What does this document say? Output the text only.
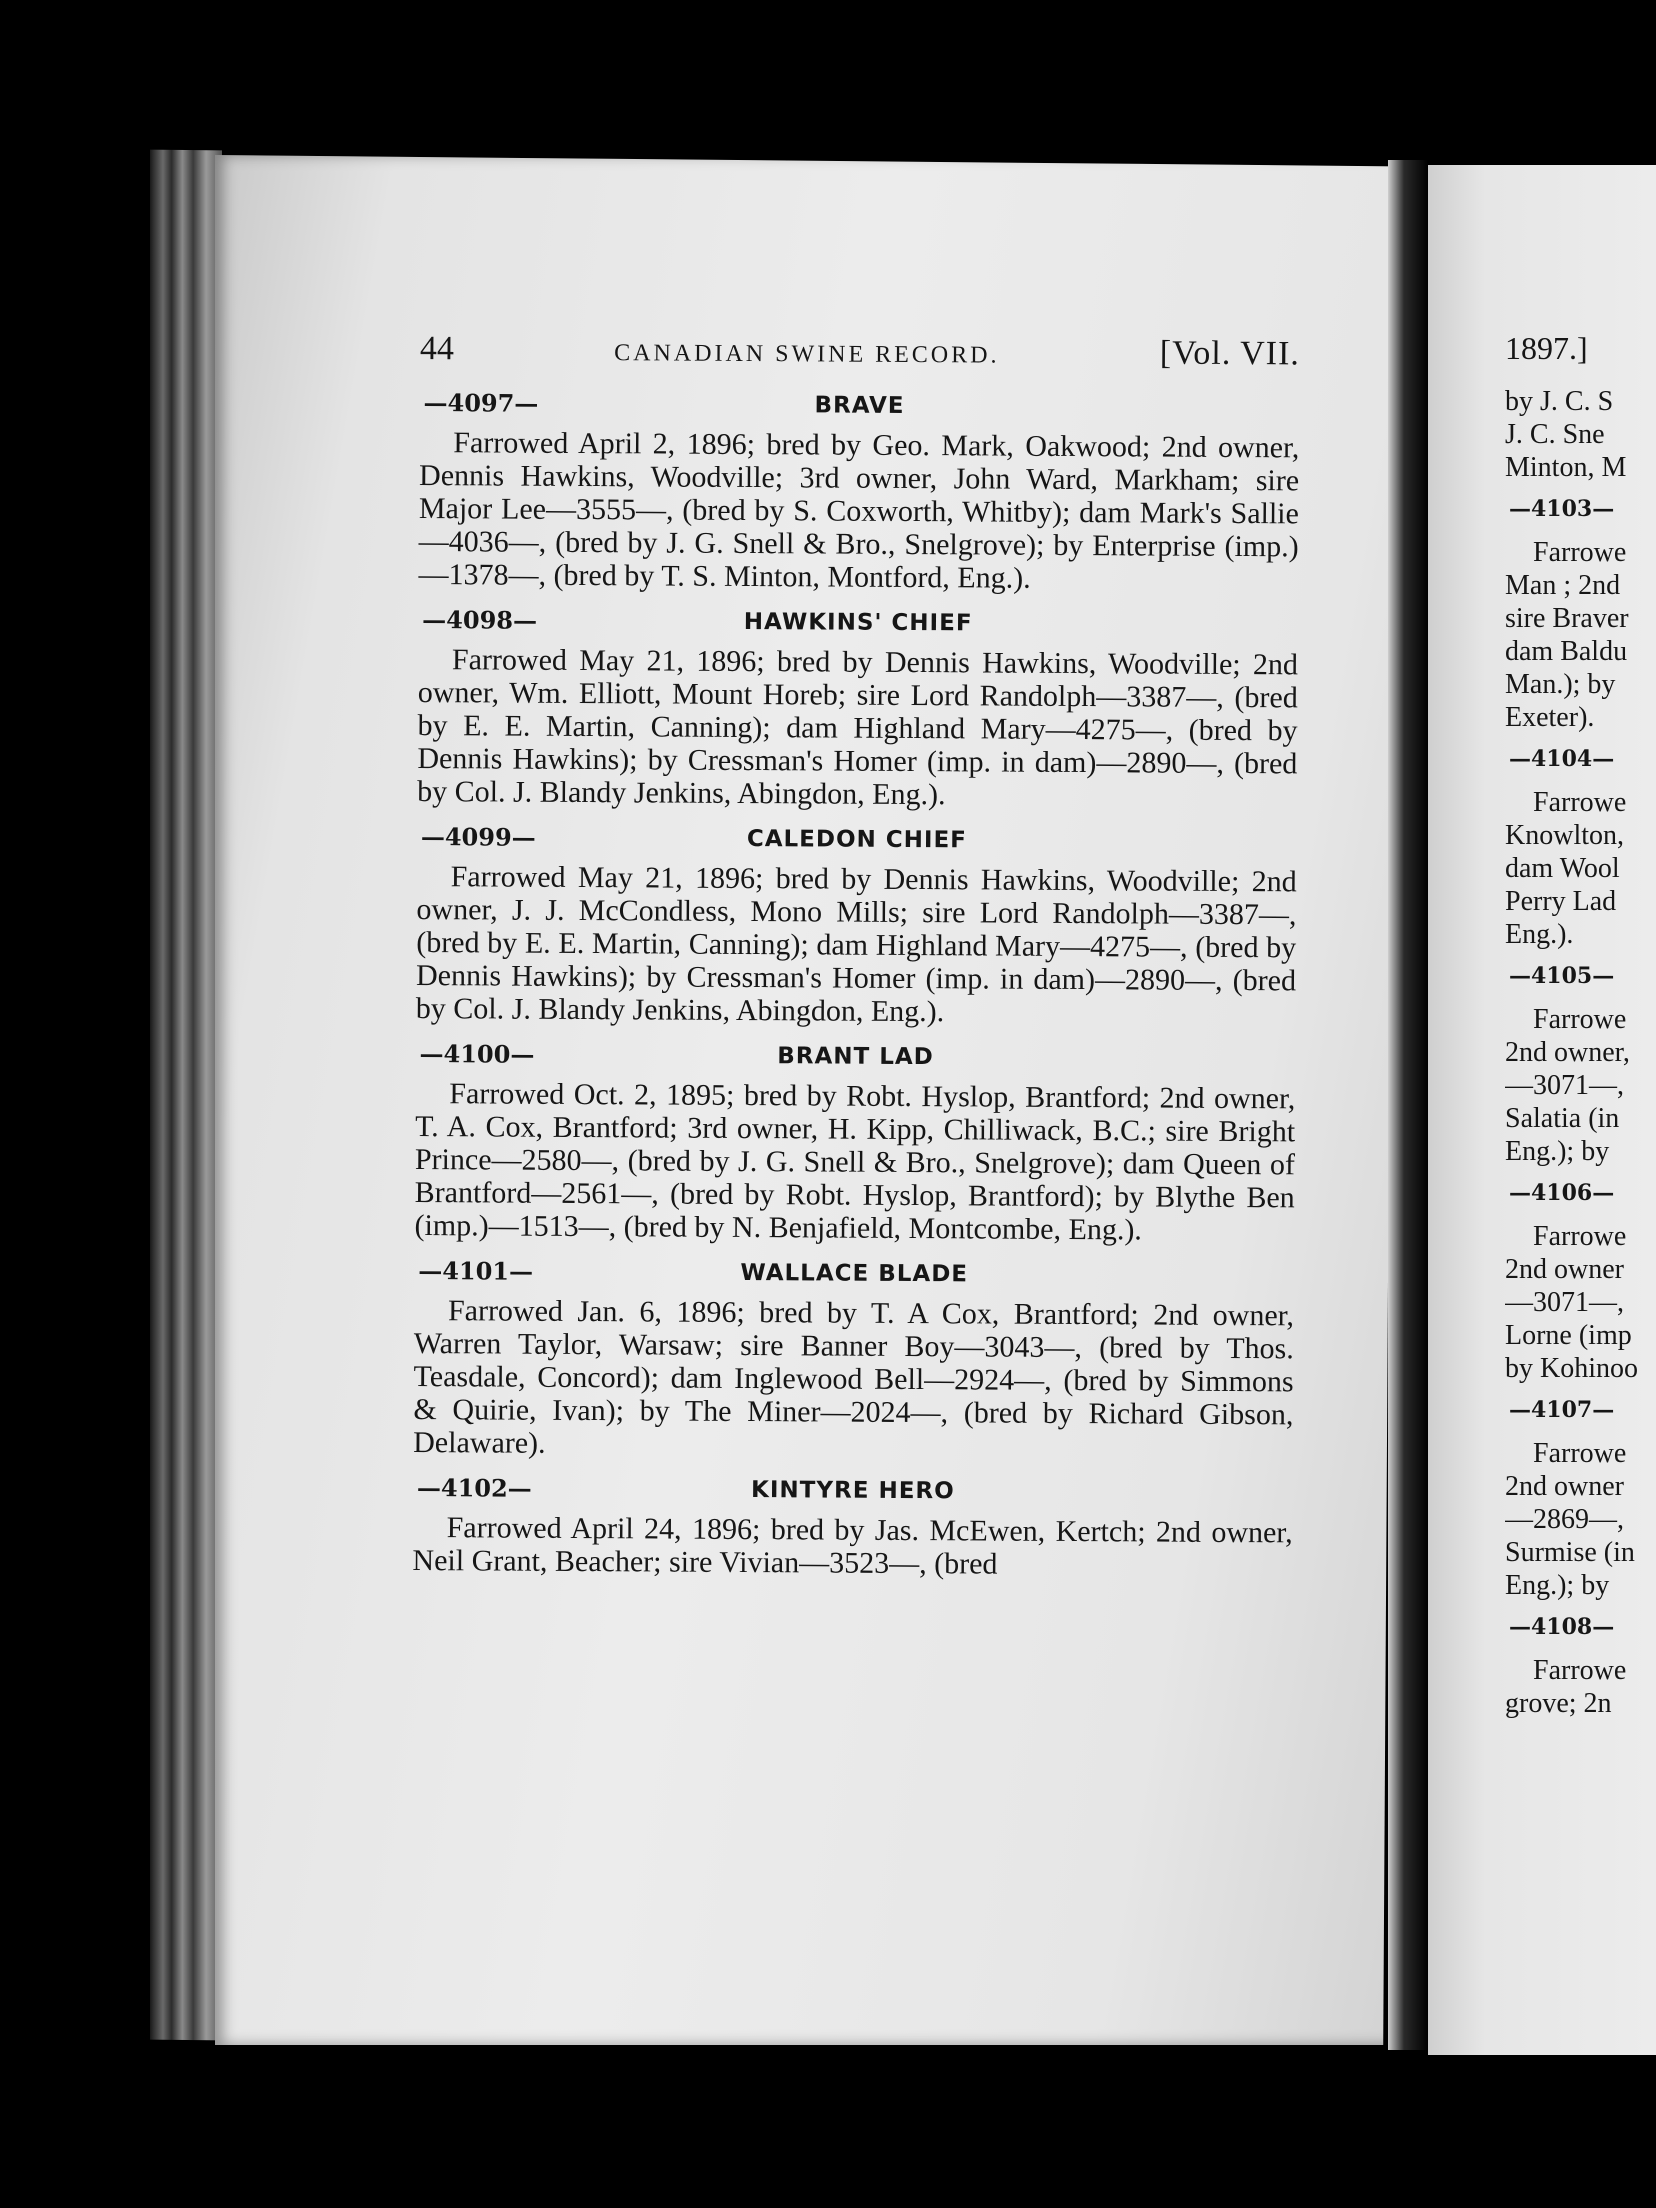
44	CANADIAN SWINE RECORD.	[Vol. VII.
—4097—	BRAVE

Farrowed April 2, 1896; bred by Geo. Mark, Oakwood; 2nd owner, Dennis Hawkins, Woodville; 3rd owner, John Ward, Markham; sire Major Lee—3555—, (bred by S. Coxworth, Whitby); dam Mark's Sallie—4036—, (bred by J. G. Snell & Bro., Snelgrove); by Enterprise (imp.)—1378—, (bred by T. S. Minton, Montford, Eng.).

—4098—	HAWKINS' CHIEF

Farrowed May 21, 1896; bred by Dennis Hawkins, Woodville; 2nd owner, Wm. Elliott, Mount Horeb; sire Lord Randolph—3387—, (bred by E. E. Martin, Canning); dam Highland Mary—4275—, (bred by Dennis Hawkins); by Cressman's Homer (imp. in dam)—2890—, (bred by Col. J. Blandy Jenkins, Abingdon, Eng.).

—4099—	CALEDON CHIEF

Farrowed May 21, 1896; bred by Dennis Hawkins, Woodville; 2nd owner, J. J. McCondless, Mono Mills; sire Lord Randolph—3387—, (bred by E. E. Martin, Canning); dam Highland Mary—4275—, (bred by Dennis Hawkins); by Cressman's Homer (imp. in dam)—2890—, (bred by Col. J. Blandy Jenkins, Abingdon, Eng.).

—4100—	BRANT LAD

Farrowed Oct. 2, 1895; bred by Robt. Hyslop, Brantford; 2nd owner, T. A. Cox, Brantford; 3rd owner, H. Kipp, Chilliwack, B.C.; sire Bright Prince—2580—, (bred by J. G. Snell & Bro., Snelgrove); dam Queen of Brantford—2561—, (bred by Robt. Hyslop, Brantford); by Blythe Ben (imp.)—1513—, (bred by N. Benjafield, Montcombe, Eng.).

—4101—	WALLACE BLADE

Farrowed Jan. 6, 1896; bred by T. A Cox, Brantford; 2nd owner, Warren Taylor, Warsaw; sire Banner Boy—3043—, (bred by Thos. Teasdale, Concord); dam Inglewood Bell—2924—, (bred by Simmons & Quirie, Ivan); by The Miner—2024—, (bred by Richard Gibson, Delaware).

—4102—	KINTYRE HERO

Farrowed April 24, 1896; bred by Jas. McEwen, Kertch; 2nd owner, Neil Grant, Beacher; sire Vivian—3523—, (bred

1897.]
by J. C. S
J. C. Sne
Minton, M
—4103—
Farrowe
Man ; 2nd
sire Braver
dam Baldu
Man.); by
Exeter).
—4104—
Farrowe
Knowlton,
dam Wool
Perry Lad
Eng.).
—4105—
Farrowe
2nd owner,
—3071—,
Salatia (in
Eng.); by
—4106—
Farrowe
2nd owner
—3071—,
Lorne (imp
by Kohinoo
—4107—
Farrowe
2nd owner
—2869—,
Surmise (in
Eng.); by
—4108—
Farrowe
grove; 2n
